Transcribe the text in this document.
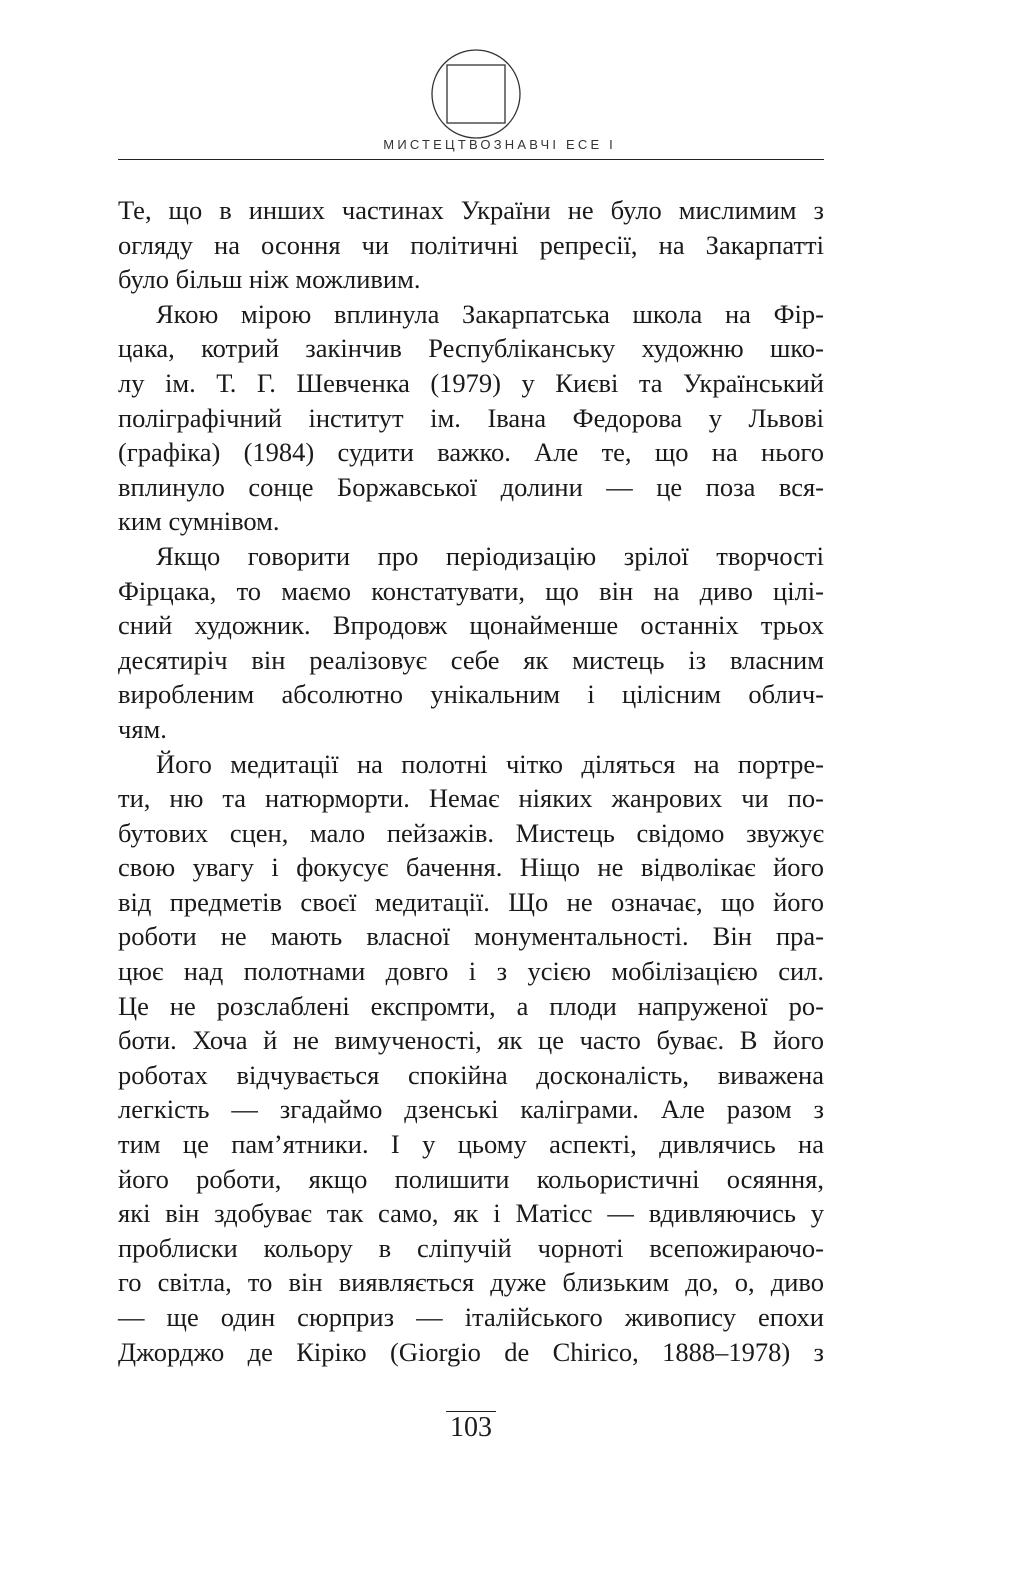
МИСТЕЦТВОЗНАВЧІ ЕСЕ І
Те, що в инших частинах України не було мислимим з
огляду на осоння чи політичні репресії, на Закарпатті
було більш ніж можливим.
Якою мірою вплинула Закарпатська школа на Фір-
цака, котрий закінчив Республіканську художню шко-
лу ім. Т. Г. Шевченка (1979) у Києві та Український
поліграфічний інститут ім. Івана Федорова у Львові
(графіка) (1984) судити важко. Але те, що на нього
вплинуло сонце Боржавської долини — це поза вся-
ким сумнівом.
Якщо говорити про періодизацію зрілої творчості
Фірцака, то маємо констатувати, що він на диво цілі-
сний художник. Впродовж щонайменше останніх трьох
десятиріч він реалізовує себе як мистець із власним
виробленим абсолютно унікальним і цілісним облич-
чям.
Його медитації на полотні чітко діляться на портре-
ти, ню та натюрморти. Немає ніяких жанрових чи по-
бутових сцен, мало пейзажів. Мистець свідомо звужує
свою увагу і фокусує бачення. Ніщо не відволікає його
від предметів своєї медитації. Що не означає, що його
роботи не мають власної монументальності. Він пра-
цює над полотнами довго і з усією мобілізацією сил.
Це не розслаблені експромти, а плоди напруженої ро-
боти. Хоча й не вимученості, як це часто буває. В його
роботах відчувається спокійна досконалість, виважена
легкість — згадаймо дзенські каліграми. Але разом з
тим це пам’ятники. І у цьому аспекті, дивлячись на
його роботи, якщо полишити кольористичні осяяння,
які він здобуває так само, як і Матісс — вдивляючись у
проблиски кольору в сліпучій чорноті всепожираючо-
го світла, то він виявляється дуже близьким до, о, диво
— ще один сюрприз — італійського живопису епохи
Джорджо де Кіріко (Giorgio de Chirico, 1888–1978) з
103
